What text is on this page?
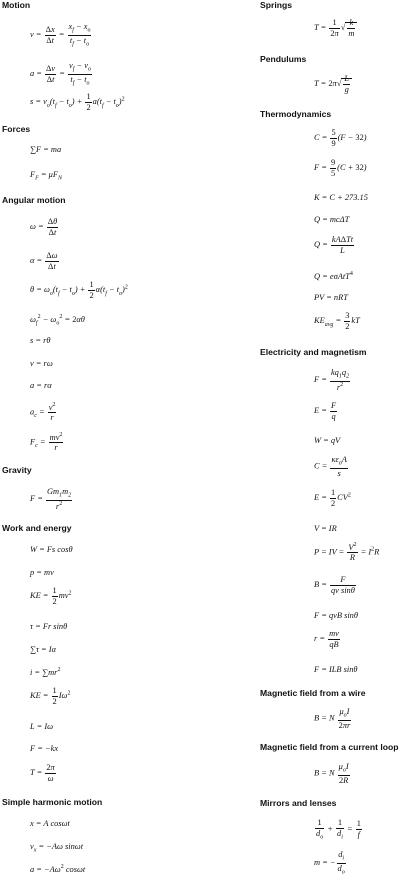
Motion
$v = \frac{\Delta x}{\Delta t} = \frac{x_f - x_o}{t_f - t_o}$
$a = \frac{\Delta v}{\Delta t} = \frac{v_f - v_o}{t_f - t_o}$
$s = v_o(t_f - t_o) + \frac{1}{2} a(t_f - t_o)^2$
Forces
∑F = ma
$F_F = \mu F_N$
Angular motion
$\omega = \frac{\Delta\theta}{\Delta t}$
$\alpha = \frac{\Delta\omega}{\Delta t}$
$\theta = \omega_o(t_f - t_o) + \frac{1}{2} \alpha(t_f - t_o)^2$
$\omega_f^2 - \omega_o^2 = 2\alpha\theta$
s = rθ
v = rω
a = rα
$a_c = \frac{v^2}{r}$
$F_c = \frac{mv^2}{r}$
Gravity
$F = \frac{Gm_1m_2}{r^2}$
Work and energy
W = Fs cosθ
p = mv
KE = $\frac{1}{2} mv^2$
τ = Fr sinθ
∑τ = Iα
$i = \sum mr^2$
KE = $\frac{1}{2} I\omega^2$
L = Iω
F = −kx
$T = \frac{2\pi}{\omega}$
Simple harmonic motion
x = A cosωt
$v_x = -A\omega$ sinωt
$a = -A\omega^2$ cosωt
Springs
$T = \frac{1}{2\pi}$ √ $\frac{k}{m}$
Pendulums
$T = 2\pi√ \frac{L}{g}$
Thermodynamics
$C = \frac{5}{9} (F - 32)$
$F = \frac{9}{5} (C + 32)$
K = C + 273.15
Q = mcΔT
$Q = \frac{\text{kAΔTt}}{L}$
Q = eσAtT$^4$
PV = nRT
$KE_{avg} = \frac{3}{2}$ kT
Electricity and magnetism
$F = \frac{kq_1q_2}{r^2}$
$E = \frac{F}{q}$
W = qV
$C = \frac{\kappa\varepsilon_oA}{s}$
$E = \frac{1}{2} CV^2$
V = IR
P = IV = $\frac{V^2}{R} = I^2R$
$B = \frac{F}{\text{qv sinθ}}$
F = qvB sinθ
$r = \frac{mv}{qB}$
F = ILB sinθ
Magnetic field from a wire
B = N $\frac{\mu_oI}{2\pi r}$
Magnetic field from a current loop
B = N $\frac{\mu_oI}{2R}$
Mirrors and lenses
$\frac{1}{d_o} + \frac{1}{d_i} = \frac{1}{f}$
m = − $\frac{d_i}{d_o}$
